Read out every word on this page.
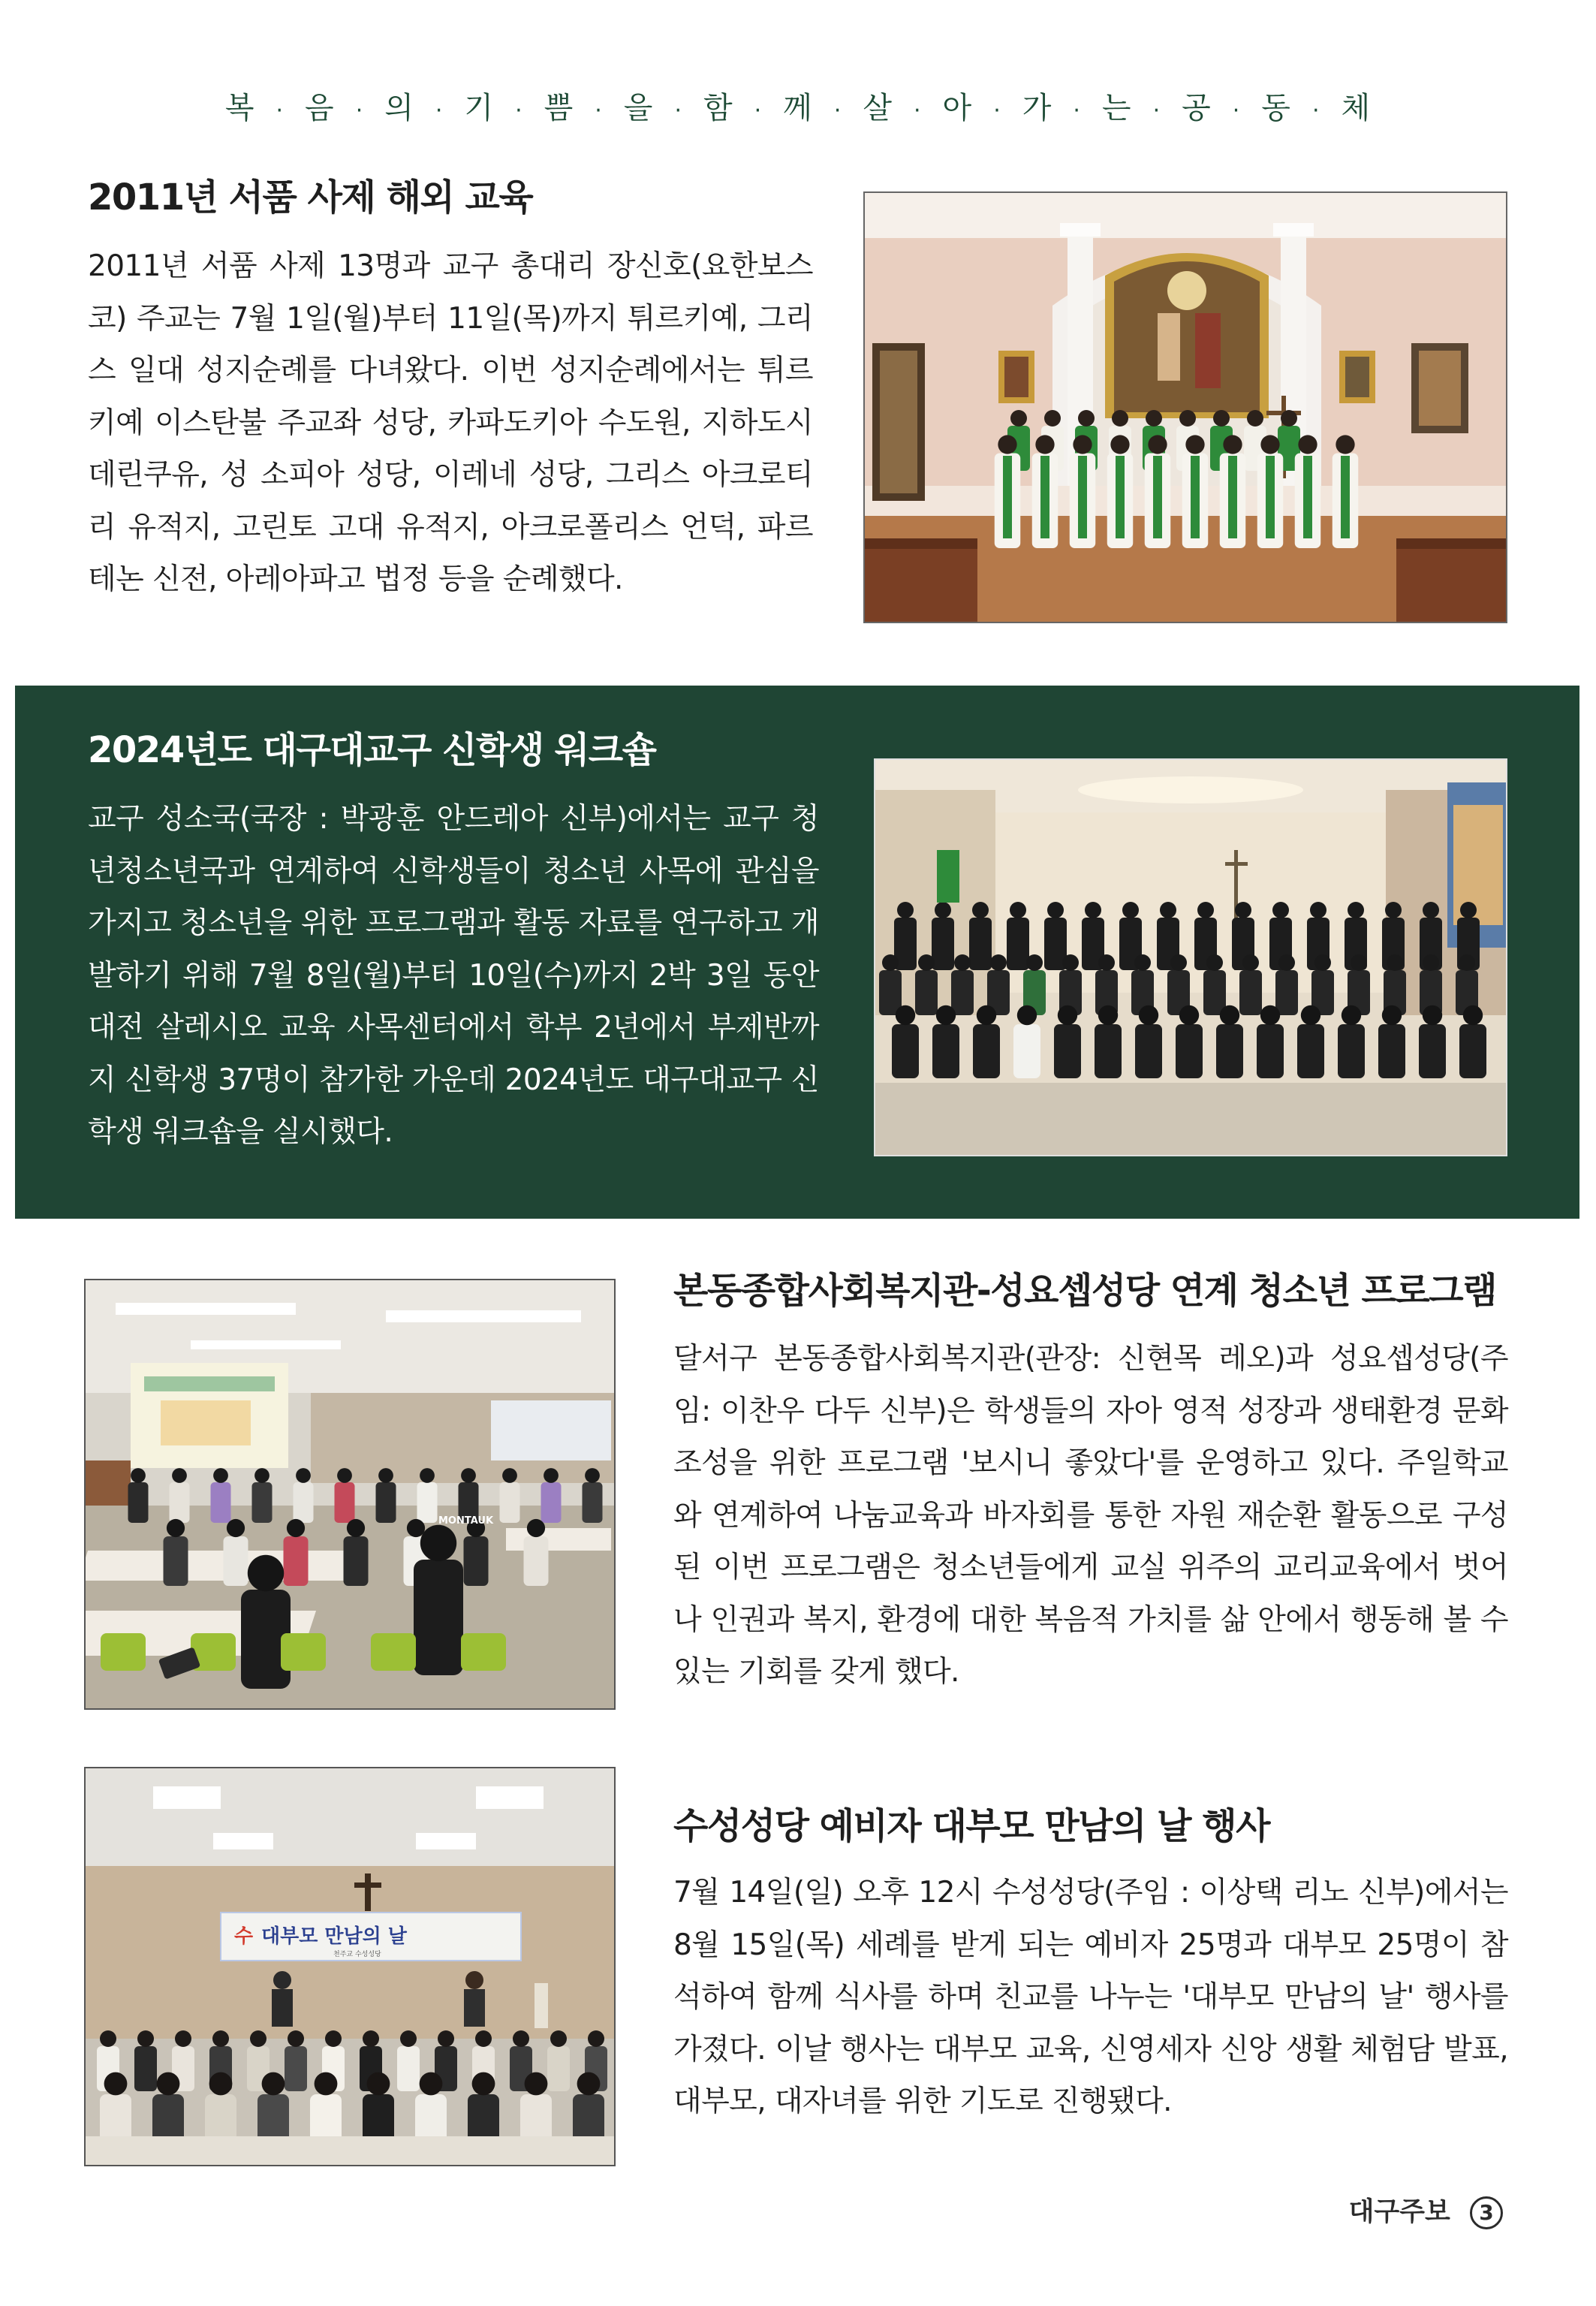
복 · 음 · 의 · 기 · 쁨 · 을 · 함 · 께 · 살 · 아 · 가 · 는 · 공 · 동 · 체
2011년 서품 사제 해외 교육
2011년 서품 사제 13명과 교구 총대리 장신호(요한보스코) 주교는 7월 1일(월)부터 11일(목)까지 튀르키예, 그리스 일대 성지순례를 다녀왔다. 이번 성지순례에서는 튀르키예 이스탄불 주교좌 성당, 카파도키아 수도원, 지하도시 데린쿠유, 성 소피아 성당, 이레네 성당, 그리스 아크로티리 유적지, 고린토 고대 유적지, 아크로폴리스 언덕, 파르테논 신전, 아레아파고 법정 등을 순례했다.
2024년도 대구대교구 신학생 워크숍
교구 성소국(국장 : 박광훈 안드레아 신부)에서는 교구 청년청소년국과 연계하여 신학생들이 청소년 사목에 관심을 가지고 청소년을 위한 프로그램과 활동 자료를 연구하고 개발하기 위해 7월 8일(월)부터 10일(수)까지 2박 3일 동안 대전 살레시오 교육 사목센터에서 학부 2년에서 부제반까지 신학생 37명이 참가한 가운데 2024년도 대구대교구 신학생 워크숍을 실시했다.
MONTAUK
본동종합사회복지관-성요셉성당 연계 청소년 프로그램
달서구 본동종합사회복지관(관장: 신현목 레오)과 성요셉성당(주임: 이찬우 다두 신부)은 학생들의 자아 영적 성장과 생태환경 문화 조성을 위한 프로그램 '보시니 좋았다'를 운영하고 있다. 주일학교와 연계하여 나눔교육과 바자회를 통한 자원 재순환 활동으로 구성된 이번 프로그램은 청소년들에게 교실 위주의 교리교육에서 벗어나 인권과 복지, 환경에 대한 복음적 가치를 삶 안에서 행동해 볼 수 있는 기회를 갖게 했다.
수 대부모 만남의 날
천주교 수성성당
수성성당 예비자 대부모 만남의 날 행사
7월 14일(일) 오후 12시 수성성당(주임 : 이상택 리노 신부)에서는 8월 15일(목) 세례를 받게 되는 예비자 25명과 대부모 25명이 참석하여 함께 식사를 하며 친교를 나누는 '대부모 만남의 날' 행사를 가졌다. 이날 행사는 대부모 교육, 신영세자 신앙 생활 체험담 발표, 대부모, 대자녀를 위한 기도로 진행됐다.
대구주보 3
